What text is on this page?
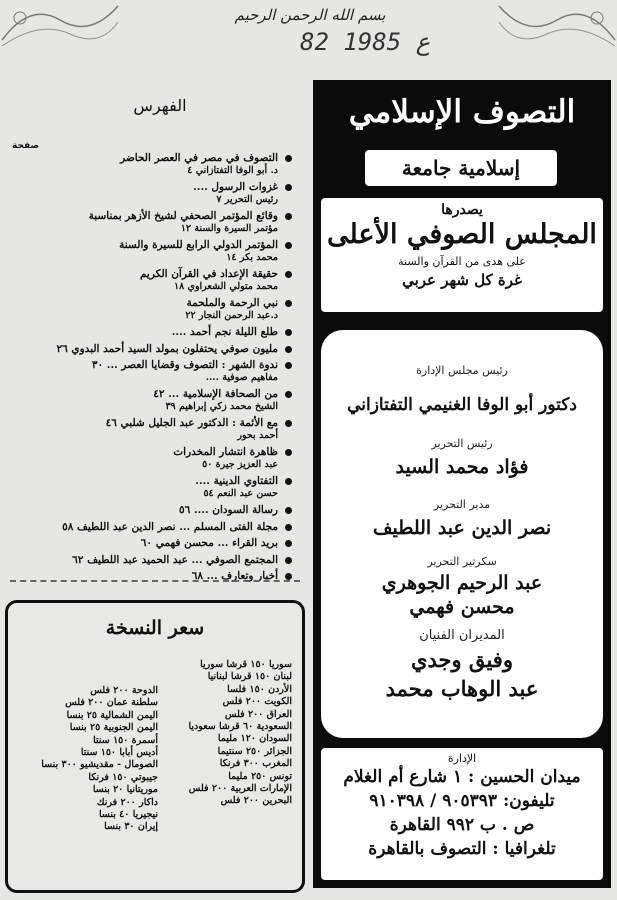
بسم الله الرحمن الرحيم
82 ع 1985
التصوف الإسلامي
إسلامية جامعة
يصدرها
المجلس الصوفي الأعلى
على هدى من القرآن والسنة
غرة كل شهر عربي
رئيس مجلس الإدارة
دكتور أبو الوفا الغنيمي التفتازاني
رئيس التحرير
فؤاد محمد السيد
مدير التحرير
نصر الدين عبد اللطيف
سكرتير التحرير
عبد الرحيم الجوهري
محسن فهمي
المديران الفنيان
وفيق وجدي
عبد الوهاب محمد
الإدارة
ميدان الحسين : ١ شارع أم الغلام
تليفون: ٩٠٥٣٩٣ / ٩١٠٣٩٨
ص . ب ٩٩٢ القاهرة
تلغرافيا : التصوف بالقاهرة
الفهرس
صفحة
التصوف في مصر في العصر الحاضر
د. أبو الوفا التفتازاني ٤
غزوات الرسول ....
رئيس التحرير ٧
وقائع المؤتمر الصحفي لشيخ الأزهر بمناسبة
مؤتمر السيرة والسنة ١٢
المؤتمر الدولي الرابع للسيرة والسنة
محمد بكر ١٤
حقيقة الإعداد في القرآن الكريم
محمد متولي الشعراوي ١٨
نبي الرحمة والملحمة
د.عبد الرحمن النجار ٢٢
طلع الليلة نجم أحمد ....
مليون صوفي يحتفلون بمولد السيد أحمد البدوي ٢٦
ندوة الشهر : التصوف وقضايا العصر ... ٣٠
مفاهيم صوفية ....
من الصحافة الإسلامية ... ٤٢
الشيخ محمد زكي إبراهيم ٣٩
مع الأئمة : الدكتور عبد الجليل شلبي ٤٦
أحمد بحور
ظاهرة انتشار المخدرات
عبد العزيز جيرة ٥٠
التفتاوي الدينية ....
حسن عبد النعم ٥٤
رسالة السودان .... ٥٦
مجلة الفتى المسلم ... نصر الدين عبد اللطيف ٥٨
بريد القراء ... محسن فهمي ٦٠
المجتمع الصوفي ... عبد الحميد عبد اللطيف ٦٢
أخبار وتعارف ... ٦٨
سعر النسخة
سوريا ١٥٠ قرشا سوريا
لبنان ١٥٠ قرشا لبنانيا
الأردن ١٥٠ فلسا
الكويت ٢٠٠ فلس
العراق ٢٠٠ فلس
السعودية ٦٠ قرشا سعوديا
السودان ١٢٠ مليما
الجزائر ٢٥٠ سنتيما
المغرب ٣٠٠ فرنكا
تونس ٢٥٠ مليما
الإمارات العربية ٢٠٠ فلس
البحرين ٢٠٠ فلس
الدوحة ٢٠٠ فلس
سلطنة عمان ٢٠٠ فلس
اليمن الشمالية ٢٥ بنسا
اليمن الجنوبية ٢٥ بنسا
أسمرة ١٥٠ سنتا
أديس أبابا ١٥٠ سنتا
الصومال - مقديشيو ٣٠٠ بنسا
جيبوتي ١٥٠ فرنكا
موريتانيا ٢٠ بنسا
داكار ٢٠٠ فرنك
نيجيريا ٤٠ بنسا
إيران ٣٠ بنسا
